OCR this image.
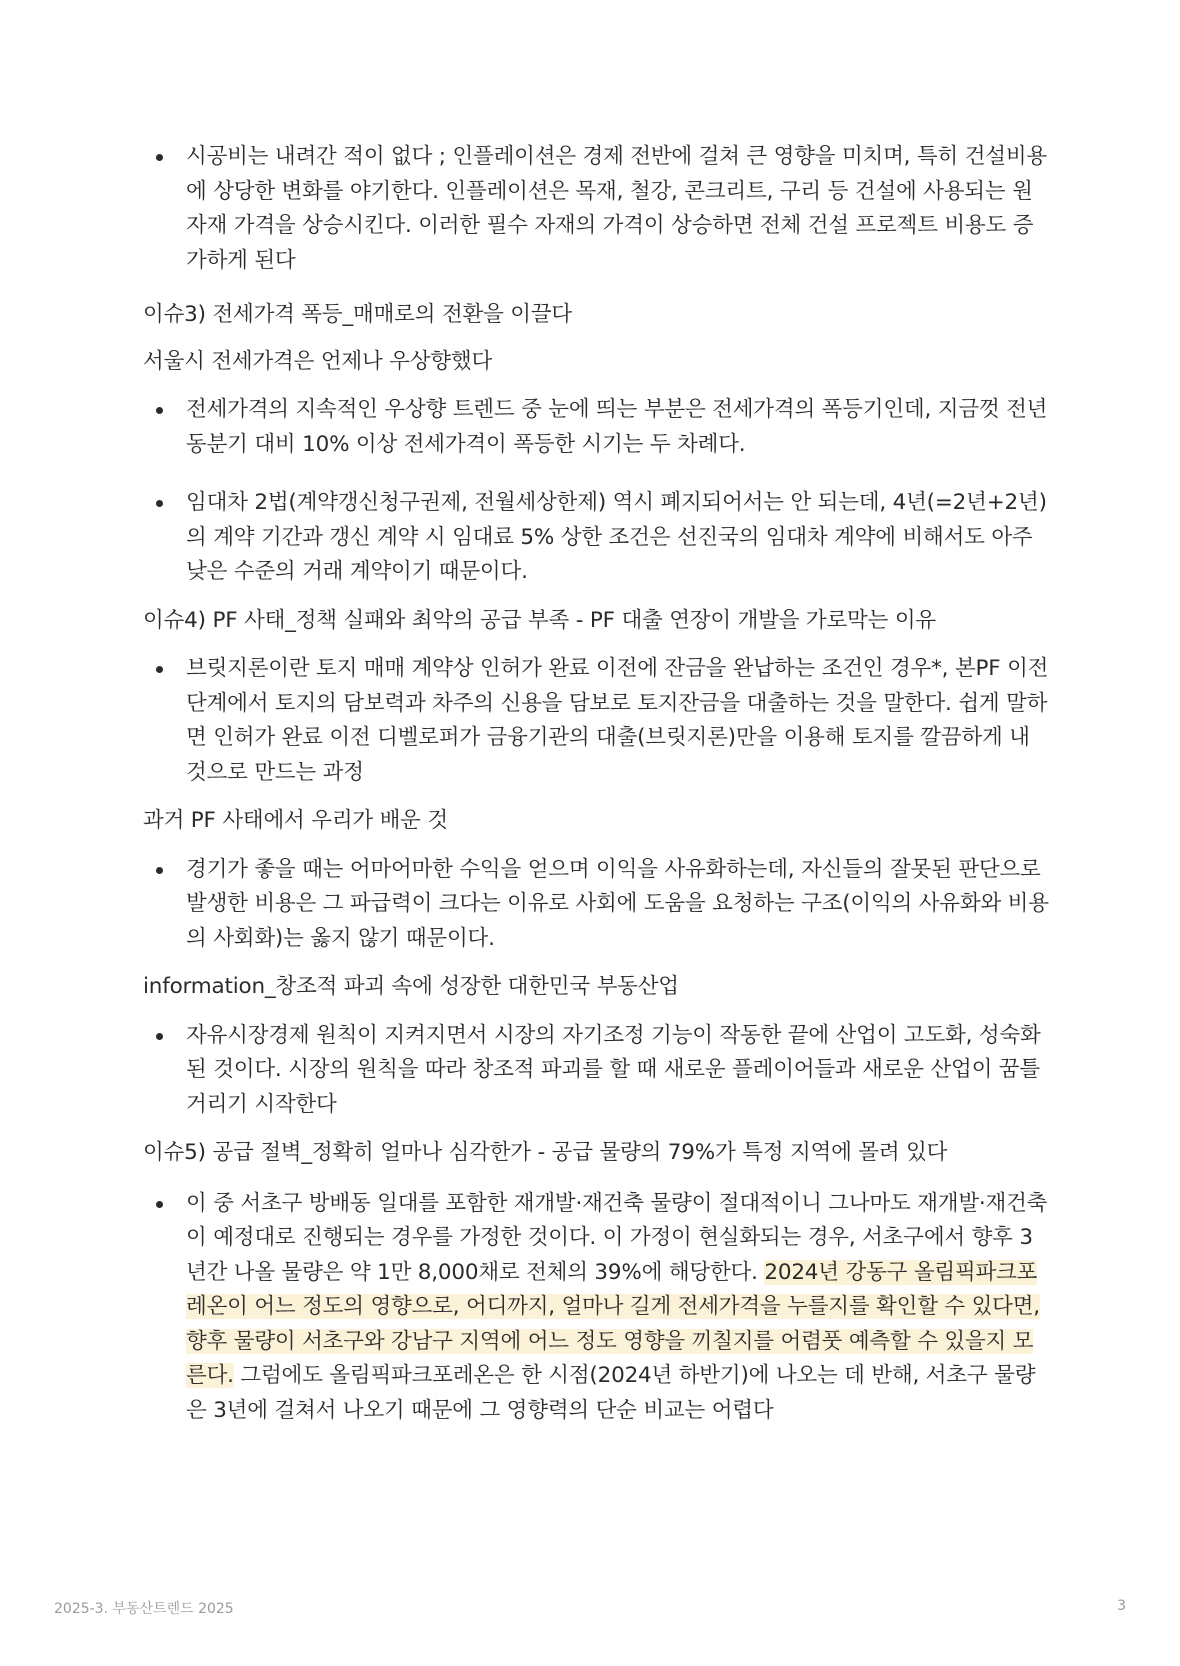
시공비는 내려간 적이 없다 ; 인플레이션은 경제 전반에 걸쳐 큰 영향을 미치며, 특히 건설비용에 상당한 변화를 야기한다. 인플레이션은 목재, 철강, 콘크리트, 구리 등 건설에 사용되는 원자재 가격을 상승시킨다. 이러한 필수 자재의 가격이 상승하면 전체 건설 프로젝트 비용도 증가하게 된다

이슈3) 전세가격 폭등_매매로의 전환을 이끌다

서울시 전세가격은 언제나 우상향했다

전세가격의 지속적인 우상향 트렌드 중 눈에 띄는 부분은 전세가격의 폭등기인데, 지금껏 전년 동분기 대비 10% 이상 전세가격이 폭등한 시기는 두 차례다.

임대차 2법(계약갱신청구권제, 전월세상한제) 역시 폐지되어서는 안 되는데, 4년(=2년+2년)의 계약 기간과 갱신 계약 시 임대료 5% 상한 조건은 선진국의 임대차 계약에 비해서도 아주 낮은 수준의 거래 계약이기 때문이다.

이슈4) PF 사태_정책 실패와 최악의 공급 부족 - PF 대출 연장이 개발을 가로막는 이유

브릿지론이란 토지 매매 계약상 인허가 완료 이전에 잔금을 완납하는 조건인 경우*, 본PF 이전 단계에서 토지의 담보력과 차주의 신용을 담보로 토지잔금을 대출하는 것을 말한다. 쉽게 말하면 인허가 완료 이전 디벨로퍼가 금융기관의 대출(브릿지론)만을 이용해 토지를 깔끔하게 내 것으로 만드는 과정

과거 PF 사태에서 우리가 배운 것

경기가 좋을 때는 어마어마한 수익을 얻으며 이익을 사유화하는데, 자신들의 잘못된 판단으로 발생한 비용은 그 파급력이 크다는 이유로 사회에 도움을 요청하는 구조(이익의 사유화와 비용의 사회화)는 옳지 않기 때문이다.

information_창조적 파괴 속에 성장한 대한민국 부동산업

자유시장경제 원칙이 지켜지면서 시장의 자기조정 기능이 작동한 끝에 산업이 고도화, 성숙화 된 것이다. 시장의 원칙을 따라 창조적 파괴를 할 때 새로운 플레이어들과 새로운 산업이 꿈틀거리기 시작한다

이슈5) 공급 절벽_정확히 얼마나 심각한가 - 공급 물량의 79%가 특정 지역에 몰려 있다

이 중 서초구 방배동 일대를 포함한 재개발·재건축 물량이 절대적이니 그나마도 재개발·재건축이 예정대로 진행되는 경우를 가정한 것이다. 이 가정이 현실화되는 경우, 서초구에서 향후 3년간 나올 물량은 약 1만 8,000채로 전체의 39%에 해당한다. 2024년 강동구 올림픽파크포레온이 어느 정도의 영향으로, 어디까지, 얼마나 길게 전세가격을 누를지를 확인할 수 있다면, 향후 물량이 서초구와 강남구 지역에 어느 정도 영향을 끼칠지를 어렴풋 예측할 수 있을지 모른다. 그럼에도 올림픽파크포레온은 한 시점(2024년 하반기)에 나오는 데 반해, 서초구 물량은 3년에 걸쳐서 나오기 때문에 그 영향력의 단순 비교는 어렵다

2025-3. 부동산트렌드 2025	3
